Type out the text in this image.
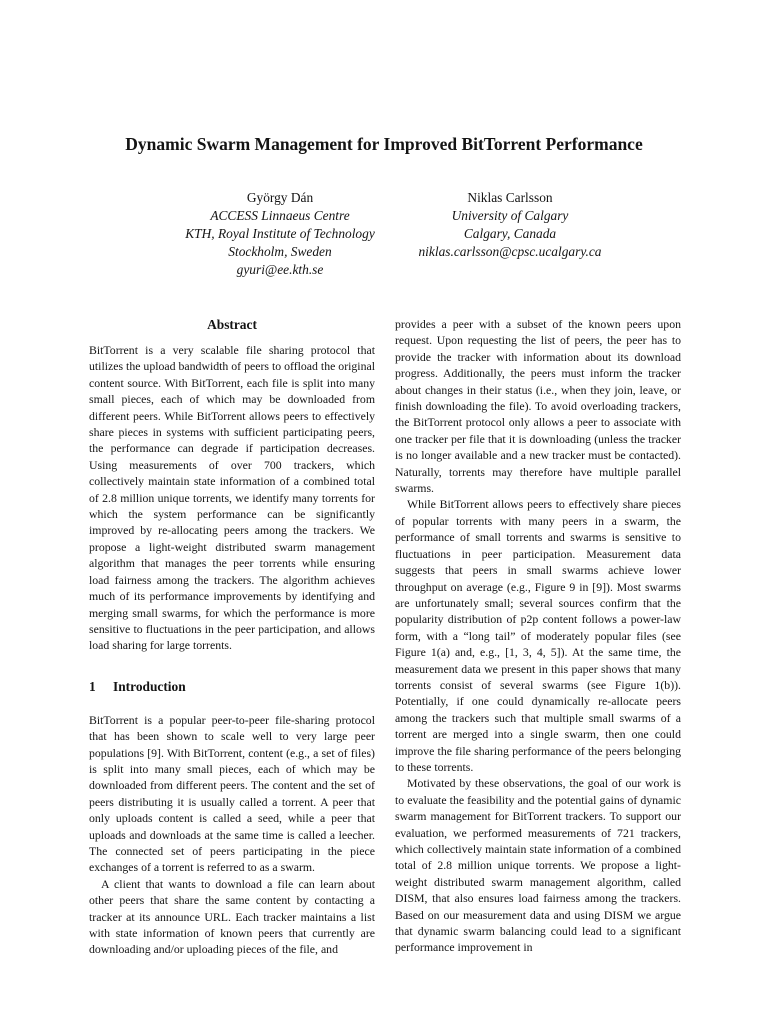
Dynamic Swarm Management for Improved BitTorrent Performance
György Dán
ACCESS Linnaeus Centre
KTH, Royal Institute of Technology
Stockholm, Sweden
gyuri@ee.kth.se
Niklas Carlsson
University of Calgary
Calgary, Canada
niklas.carlsson@cpsc.ucalgary.ca
Abstract

BitTorrent is a very scalable file sharing protocol that utilizes the upload bandwidth of peers to offload the original content source. With BitTorrent, each file is split into many small pieces, each of which may be downloaded from different peers. While BitTorrent allows peers to effectively share pieces in systems with sufficient participating peers, the performance can degrade if participation decreases. Using measurements of over 700 trackers, which collectively maintain state information of a combined total of 2.8 million unique torrents, we identify many torrents for which the system performance can be significantly improved by re-allocating peers among the trackers. We propose a light-weight distributed swarm management algorithm that manages the peer torrents while ensuring load fairness among the trackers. The algorithm achieves much of its performance improvements by identifying and merging small swarms, for which the performance is more sensitive to fluctuations in the peer participation, and allows load sharing for large torrents.

1 Introduction

BitTorrent is a popular peer-to-peer file-sharing protocol that has been shown to scale well to very large peer populations [9]. With BitTorrent, content (e.g., a set of files) is split into many small pieces, each of which may be downloaded from different peers. The content and the set of peers distributing it is usually called a torrent. A peer that only uploads content is called a seed, while a peer that uploads and downloads at the same time is called a leecher. The connected set of peers participating in the piece exchanges of a torrent is referred to as a swarm.

A client that wants to download a file can learn about other peers that share the same content by contacting a tracker at its announce URL. Each tracker maintains a list with state information of known peers that currently are downloading and/or uploading pieces of the file, and

provides a peer with a subset of the known peers upon request. Upon requesting the list of peers, the peer has to provide the tracker with information about its download progress. Additionally, the peers must inform the tracker about changes in their status (i.e., when they join, leave, or finish downloading the file). To avoid overloading trackers, the BitTorrent protocol only allows a peer to associate with one tracker per file that it is downloading (unless the tracker is no longer available and a new tracker must be contacted). Naturally, torrents may therefore have multiple parallel swarms.

While BitTorrent allows peers to effectively share pieces of popular torrents with many peers in a swarm, the performance of small torrents and swarms is sensitive to fluctuations in peer participation. Measurement data suggests that peers in small swarms achieve lower throughput on average (e.g., Figure 9 in [9]). Most swarms are unfortunately small; several sources confirm that the popularity distribution of p2p content follows a power-law form, with a “long tail” of moderately popular files (see Figure 1(a) and, e.g., [1, 3, 4, 5]). At the same time, the measurement data we present in this paper shows that many torrents consist of several swarms (see Figure 1(b)). Potentially, if one could dynamically re-allocate peers among the trackers such that multiple small swarms of a torrent are merged into a single swarm, then one could improve the file sharing performance of the peers belonging to these torrents.

Motivated by these observations, the goal of our work is to evaluate the feasibility and the potential gains of dynamic swarm management for BitTorrent trackers. To support our evaluation, we performed measurements of 721 trackers, which collectively maintain state information of a combined total of 2.8 million unique torrents. We propose a light-weight distributed swarm management algorithm, called DISM, that also ensures load fairness among the trackers. Based on our measurement data and using DISM we argue that dynamic swarm balancing could lead to a significant performance improvement in
